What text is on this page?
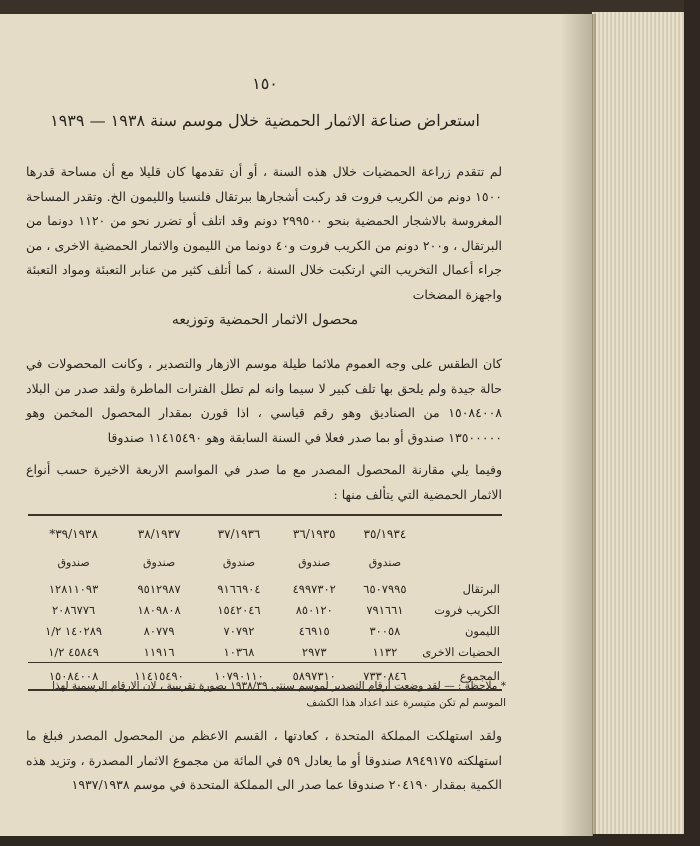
١٥٠
استعراض صناعة الاثمار الحمضية خلال موسم سنة ١٩٣٨ — ١٩٣٩
لم تتقدم زراعة الحمضيات خلال هذه السنة ، أو أن تقدمها كان قليلا مع أن مساحة قدرها ١٥٠٠ دونم من الكريب فروت قد ركبت أشجارها ببرتقال فلنسيا والليمون الخ. وتقدر المساحة المغروسة بالاشجار الحمضية بنحو ٢٩٩٥٠٠ دونم وقد اتلف أو تضرر نحو من ١١٢٠ دونما من البرتقال ، و٢٠٠ دونم من الكريب فروت و٤٠ دونما من الليمون والاثمار الحمضية الاخرى ، من جراء أعمال التخريب التي ارتكبت خلال السنة ، كما أتلف كثير من عنابر التعبئة ومواد التعبئة واجهزة المضخات
محصول الاثمار الحمضية وتوزيعه
كان الطقس على وجه العموم ملائما طيلة موسم الازهار والتصدير ، وكانت المحصولات في حالة جيدة ولم يلحق بها تلف كبير لا سيما وانه لم تطل الفترات الماطرة ولقد صدر من البلاد ١٥٠٨٤٠٠٨ من الصناديق وهو رقم قياسي ، اذا قورن بمقدار المحصول المخمن وهو ١٣٥٠٠٠٠٠ صندوق أو بما صدر فعلا في السنة السابقة وهو ١١٤١٥٤٩٠ صندوقا
وفيما يلي مقارنة المحصول المصدر مع ما صدر في المواسم الاربعة الاخيرة حسب أنواع الاثمار الحمضية التي يتألف منها :
	٣٥/١٩٣٤	٣٦/١٩٣٥	٣٧/١٩٣٦	٣٨/١٩٣٧	٣٩/١٩٣٨*
	صندوق	صندوق	صندوق	صندوق	صندوق
البرتقال	٦٥٠٧٩٩٥	٤٩٩٧٣٠٢	٩١٦٦٩٠٤	٩٥١٢٩٨٧	١٢٨١١٠٩٣
الكريب فروت	٧٩١٦٦١	٨٥٠١٢٠	١٥٤٢٠٤٦	١٨٠٩٨٠٨	٢٠٨٦٧٧٦
الليمون	٣٠٠٥٨	٤٦٩١٥	٧٠٧٩٢	٨٠٧٧٩	١٤٠٢٨٩ ١/٢
الحضيات الاخرى	١١٣٢	٢٩٧٣	١٠٣٦٨	١١٩١٦	٤٥٨٤٩ ١/٢
المجموع	٧٣٣٠٨٤٦	٥٨٩٧٣١٠	١٠٧٩٠١١٠	١١٤١٥٤٩٠	١٥٠٨٤٠٠٨
* ملاحظة : — لقد وضعت أرقام التصدير لموسم سنتي ١٩٣٨/٣٩ بصورة تقريبية ، لان الارقام الرسمية لهذا الموسم لم تكن متيسرة عند اعداد هذا الكشف
ولقد استهلكت المملكة المتحدة ، كعادتها ، القسم الاعظم من المحصول المصدر فبلغ ما استهلكته ٨٩٤٩١٧٥ صندوقا أو ما يعادل ٥٩ في المائة من مجموع الاثمار المصدرة ، وتزيد هذه الكمية بمقدار ٢٠٤١٩٠ صندوقا عما صدر الى المملكة المتحدة في موسم ١٩٣٧/١٩٣٨
